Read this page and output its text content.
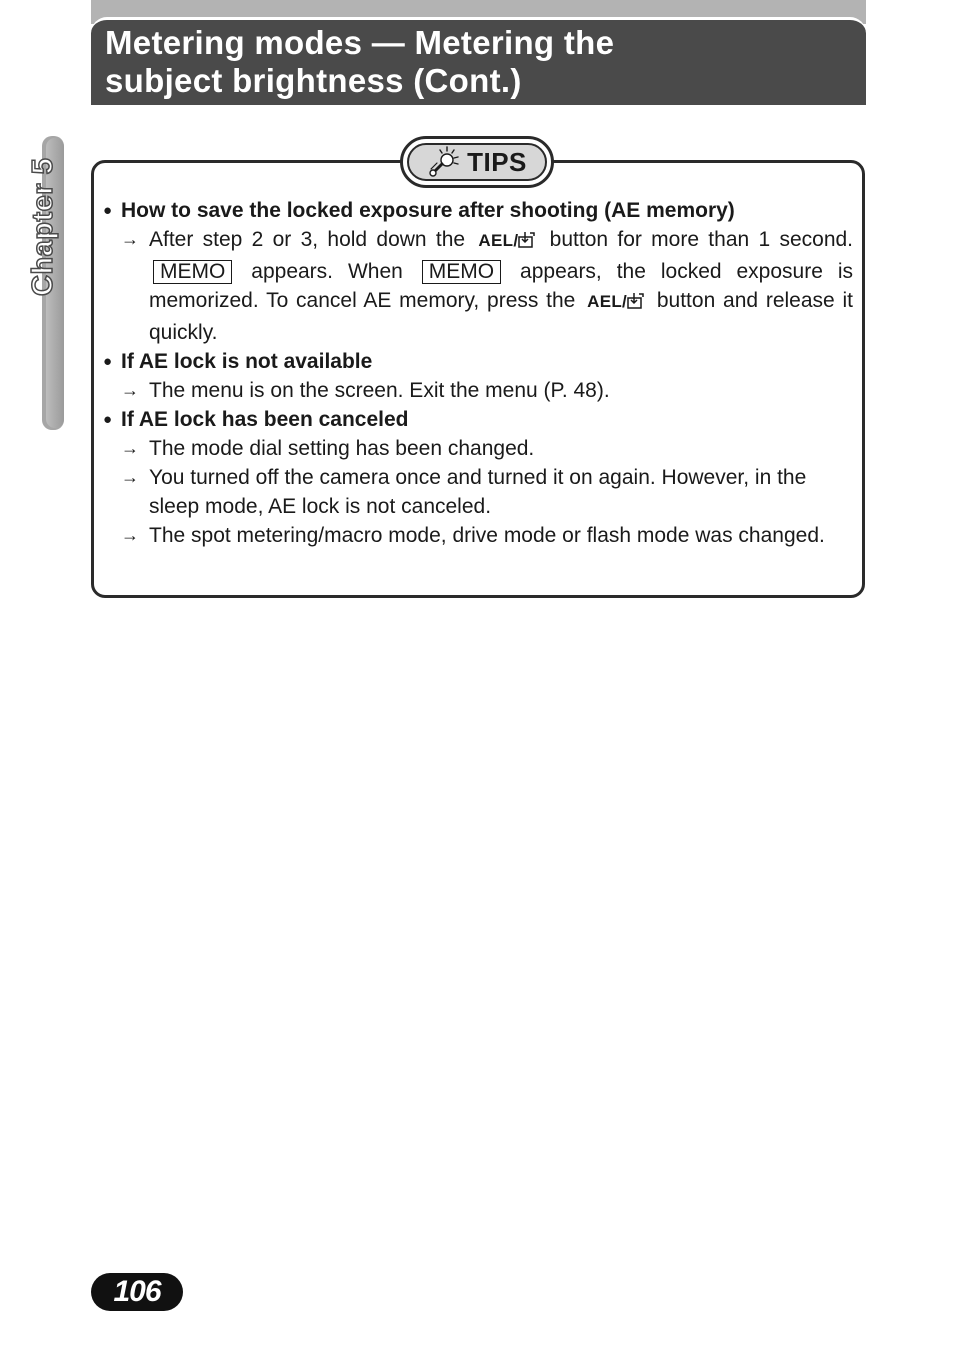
Metering modes — Metering the
subject brightness (Cont.)
Chapter 5	TIPS

● How to save the locked exposure after shooting (AE memory)

→ After step 2 or 3, hold down the AEL/ button for more than 1 second. MEMO appears. When MEMO appears, the locked exposure is memorized. To cancel AE memory, press the AEL/ button and release it quickly.

● If AE lock is not available

→ The menu is on the screen. Exit the menu (P. 48).

● If AE lock has been canceled

→ The mode dial setting has been changed.

→ You turned off the camera once and turned it on again. However, in the sleep mode, AE lock is not canceled.

→ The spot metering/macro mode, drive mode or flash mode was changed.

106
